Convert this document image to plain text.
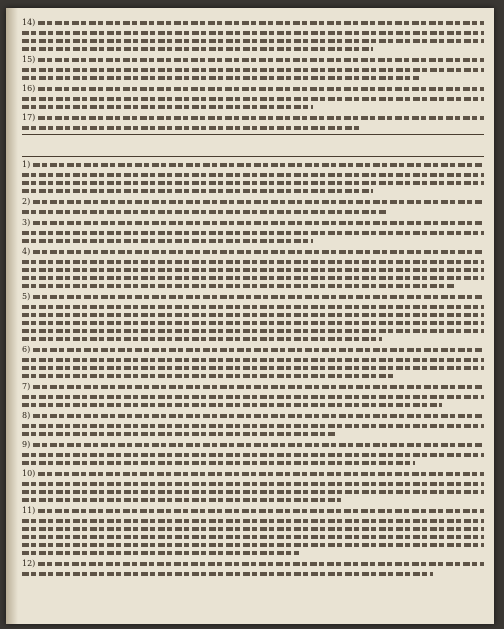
14)
15)
16)
17)
1)
2)
3)
4)
5)
6)
7)
8)
9)
10)
11)
12)
